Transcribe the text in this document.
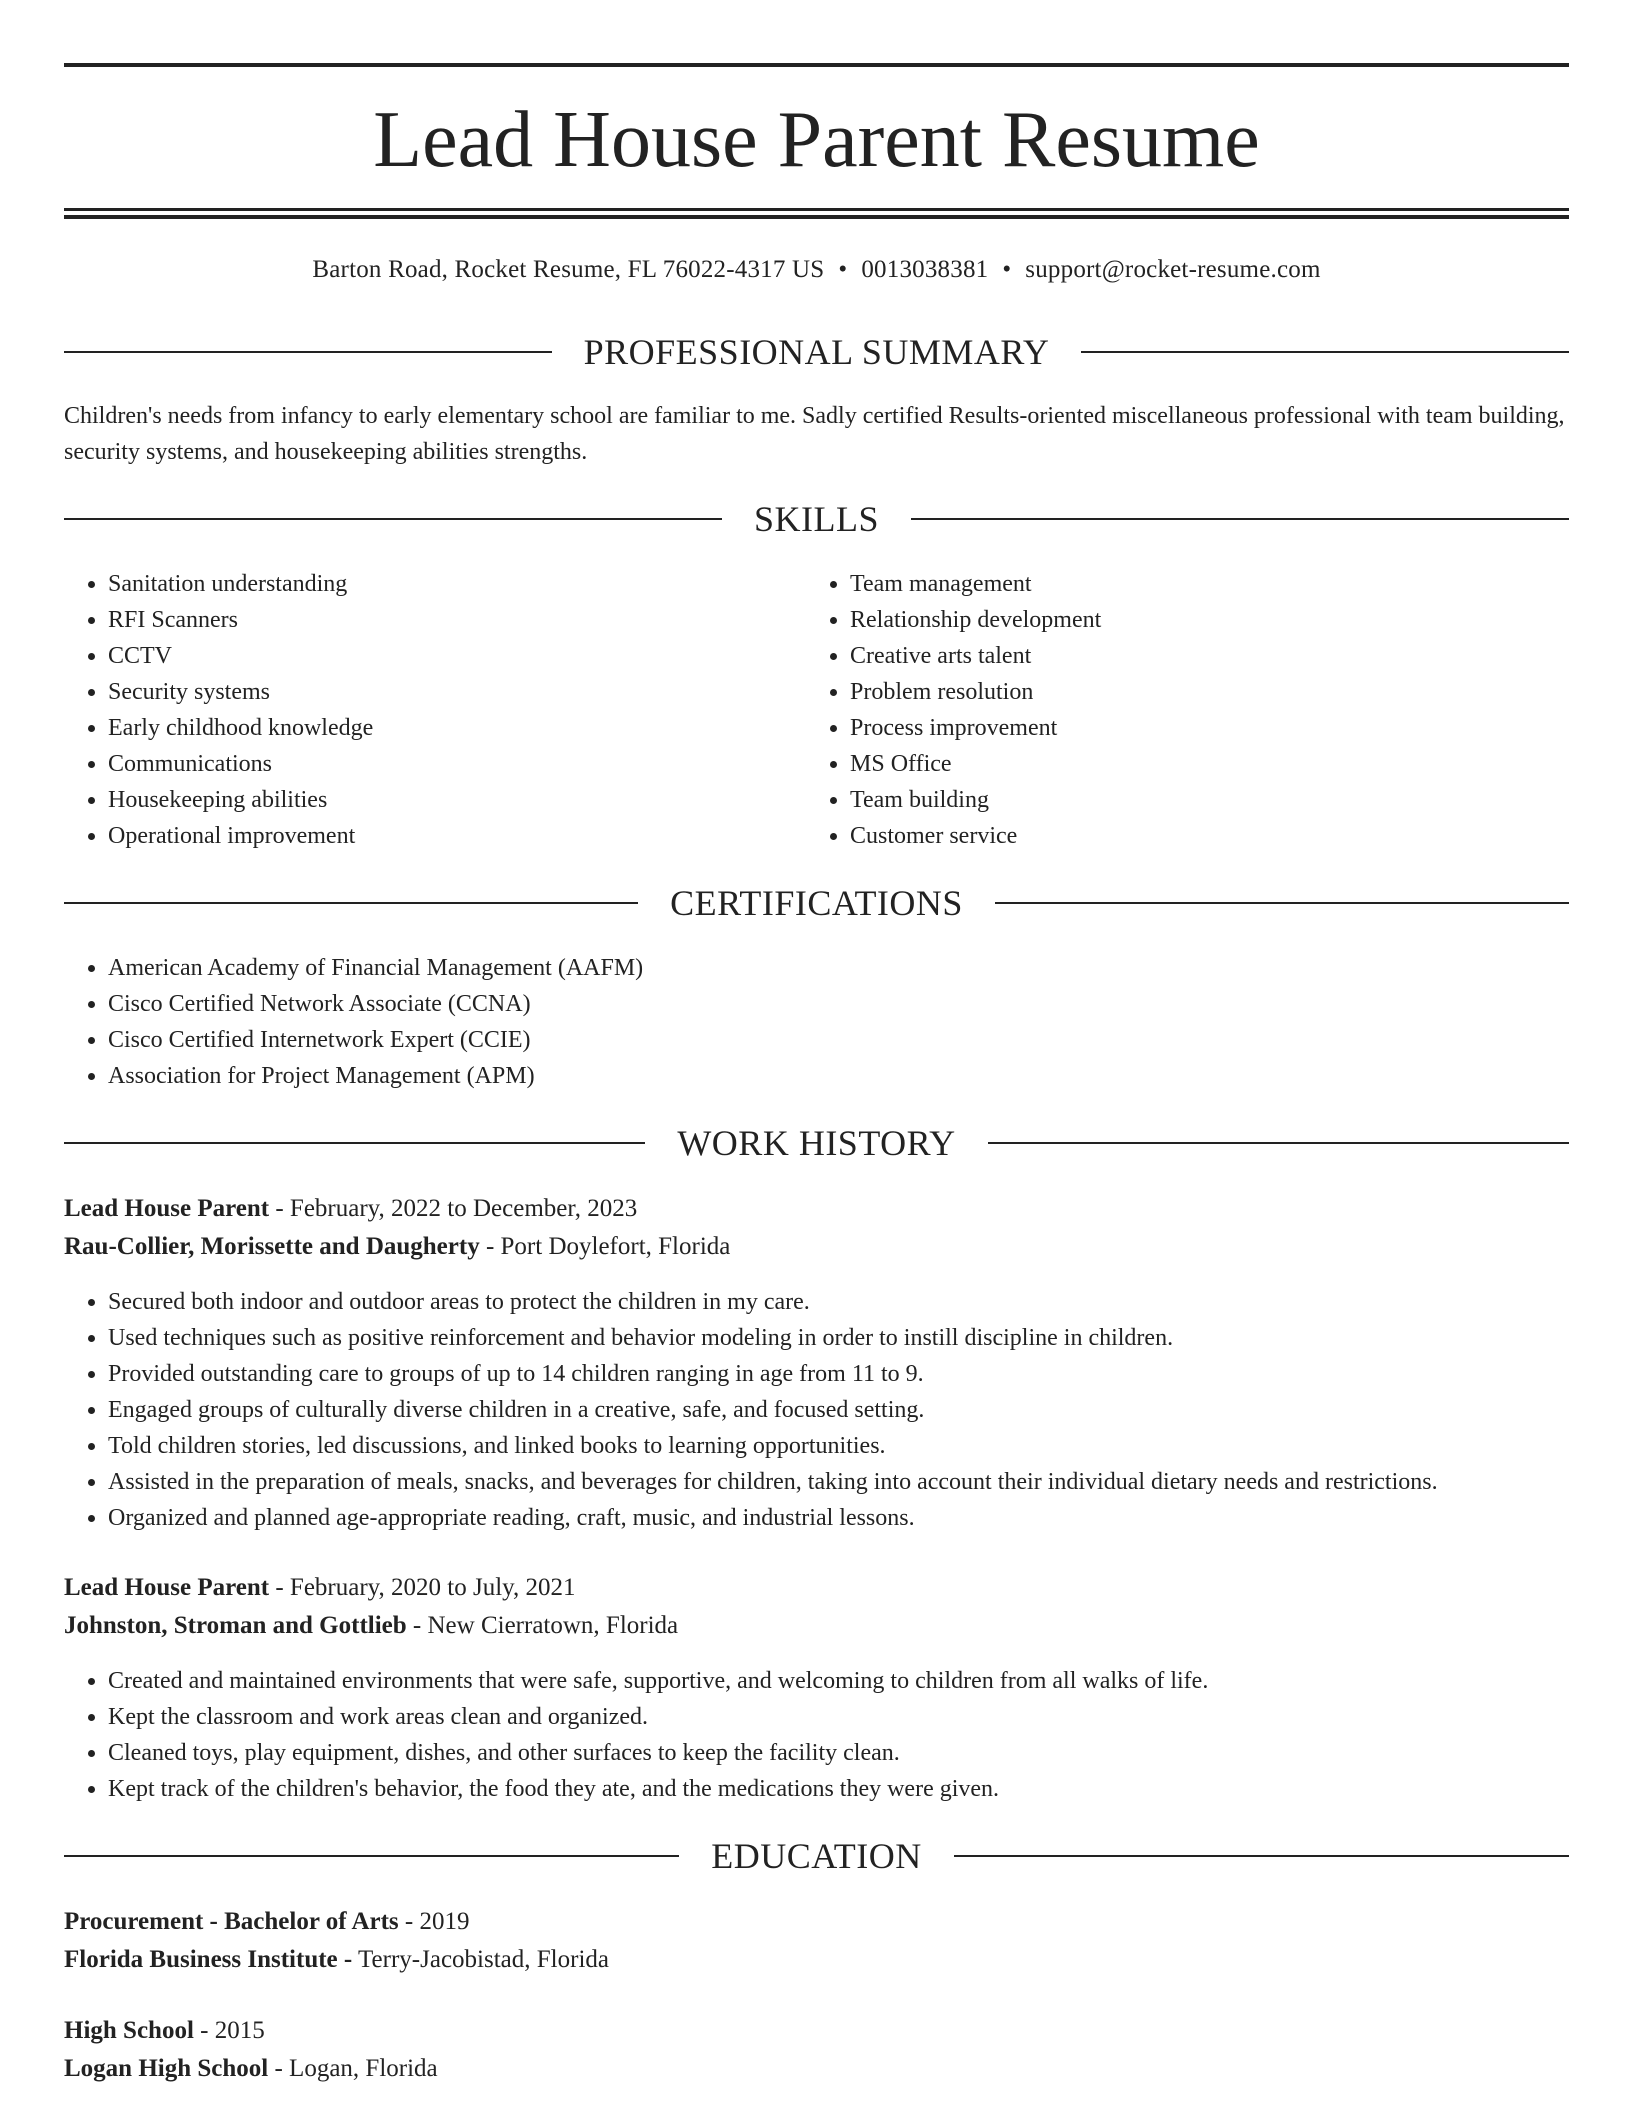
Lead House Parent Resume
Barton Road, Rocket Resume, FL 76022-4317 US • 0013038381 • support@rocket-resume.com
PROFESSIONAL SUMMARY

Children's needs from infancy to early elementary school are familiar to me. Sadly certified Results-oriented miscellaneous professional with team building, security systems, and housekeeping abilities strengths.

SKILLS
• Sanitation understanding
• RFI Scanners
• CCTV
• Security systems
• Early childhood knowledge
• Communications
• Housekeeping abilities
• Operational improvement
• Team management
• Relationship development
• Creative arts talent
• Problem resolution
• Process improvement
• MS Office
• Team building
• Customer service
CERTIFICATIONS
• American Academy of Financial Management (AAFM)
• Cisco Certified Network Associate (CCNA)
• Cisco Certified Internetwork Expert (CCIE)
• Association for Project Management (APM)
WORK HISTORY
Lead House Parent - February, 2022 to December, 2023
Rau-Collier, Morissette and Daugherty - Port Doylefort, Florida
• Secured both indoor and outdoor areas to protect the children in my care.
• Used techniques such as positive reinforcement and behavior modeling in order to instill discipline in children.
• Provided outstanding care to groups of up to 14 children ranging in age from 11 to 9.
• Engaged groups of culturally diverse children in a creative, safe, and focused setting.
• Told children stories, led discussions, and linked books to learning opportunities.
• Assisted in the preparation of meals, snacks, and beverages for children, taking into account their individual dietary needs and restrictions.
• Organized and planned age-appropriate reading, craft, music, and industrial lessons.
Lead House Parent - February, 2020 to July, 2021
Johnston, Stroman and Gottlieb - New Cierratown, Florida
• Created and maintained environments that were safe, supportive, and welcoming to children from all walks of life.
• Kept the classroom and work areas clean and organized.
• Cleaned toys, play equipment, dishes, and other surfaces to keep the facility clean.
• Kept track of the children's behavior, the food they ate, and the medications they were given.
EDUCATION
Procurement - Bachelor of Arts - 2019
Florida Business Institute - Terry-Jacobistad, Florida
High School - 2015
Logan High School - Logan, Florida
